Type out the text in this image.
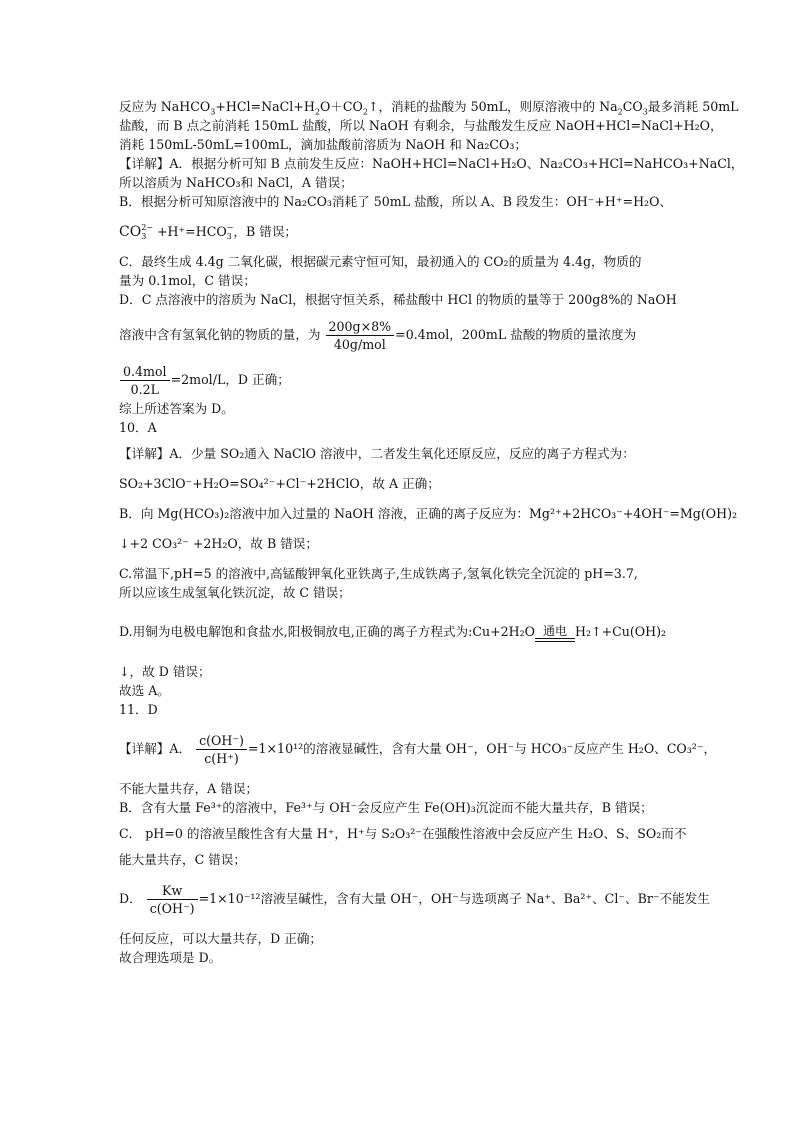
反应为 $NaHCO_3+HCl=NaCl+H_2O+CO_2↑$，消耗的盐酸为 50mL，则原溶液中的 $Na_2CO_3$最多消耗 50mL
盐酸，而 B 点之前消耗 150mL 盐酸，所以 NaOH 有剩余，与盐酸发生反应 NaOH+HCl=NaCl+H₂O，
消耗 150mL-50mL=100mL，滴加盐酸前溶质为 NaOH 和 Na₂CO₃；
【详解】A．根据分析可知 B 点前发生反应：NaOH+HCl=NaCl+H₂O、Na₂CO₃+HCl=NaHCO₃+NaCl，
所以溶质为 NaHCO₃和 NaCl，A 错误；
B．根据分析可知原溶液中的 Na₂CO₃消耗了 50mL 盐酸，所以 A、B 段发生：OH⁻+H⁺=H₂O、
CO2−
3 +H⁺=HCO−
3 ，B 错误；
C．最终生成 4.4g 二氧化碳，根据碳元素守恒可知，最初通入的 CO₂的质量为 4.4g，物质的
量为 0.1mol，C 错误；
D．C 点溶液中的溶质为 NaCl，根据守恒关系，稀盐酸中 HCl 的物质的量等于 200g8%的 NaOH
溶液中含有氢氧化钠的物质的量，为 $\frac{200g\times 8\%}{\text{40g/mol}} =0.4mol$，200mL 盐酸的物质的量浓度为
$\frac{\text{0.4mol}}{0.2L} =2mol/L$，D 正确；
综上所述答案为 D。
10．A
【详解】A．少量 SO₂通入 NaClO 溶液中，二者发生氧化还原反应，反应的离子方程式为：
SO₂+3ClO⁻+H₂O=SO₄²⁻+Cl⁻+2HClO，故 A 正确；
B．向 Mg(HCO₃)₂溶液中加入过量的 NaOH 溶液，正确的离子反应为：Mg²⁺+2HCO₃⁻+4OH⁻=Mg(OH)₂
↓+2 CO₃²⁻ +2H₂O，故 B 错误；
C.常温下,pH=5 的溶液中,高锰酸钾氧化亚铁离子,生成铁离子,氢氧化铁完全沉淀的 pH=3.7,
所以应该生成氢氧化铁沉淀，故 C 错误；
D.用铜为电极电解饱和食盐水,阳极铜放电,正确的离子方程式为:Cu+2H₂O 通电 H₂↑+Cu(OH)₂
↓，故 D 错误；
故选 A。
11．D
【详解】A． $\frac{c(OH^-)}{c(H^+)} =1\times 10^{12}$的溶液显碱性，含有大量 OH⁻，OH⁻与 HCO₃⁻反应产生 H₂O、CO₃²⁻，
不能大量共存，A 错误；
B．含有大量 Fe³⁺的溶液中，Fe³⁺与 OH⁻会反应产生 Fe(OH)₃沉淀而不能大量共存，B 错误；
C． pH=0 的溶液呈酸性含有大量 H⁺，H⁺与 S₂O₃²⁻在强酸性溶液中会反应产生 H₂O、S、SO₂而不
能大量共存，C 错误；
D． $\frac{Kw}{c(OH^-)} =1\times 10^{-12}$溶液呈碱性，含有大量 OH⁻，OH⁻与选项离子 Na⁺、Ba²⁺、Cl⁻、Br⁻不能发生
任何反应，可以大量共存，D 正确；
故合理选项是 D。
